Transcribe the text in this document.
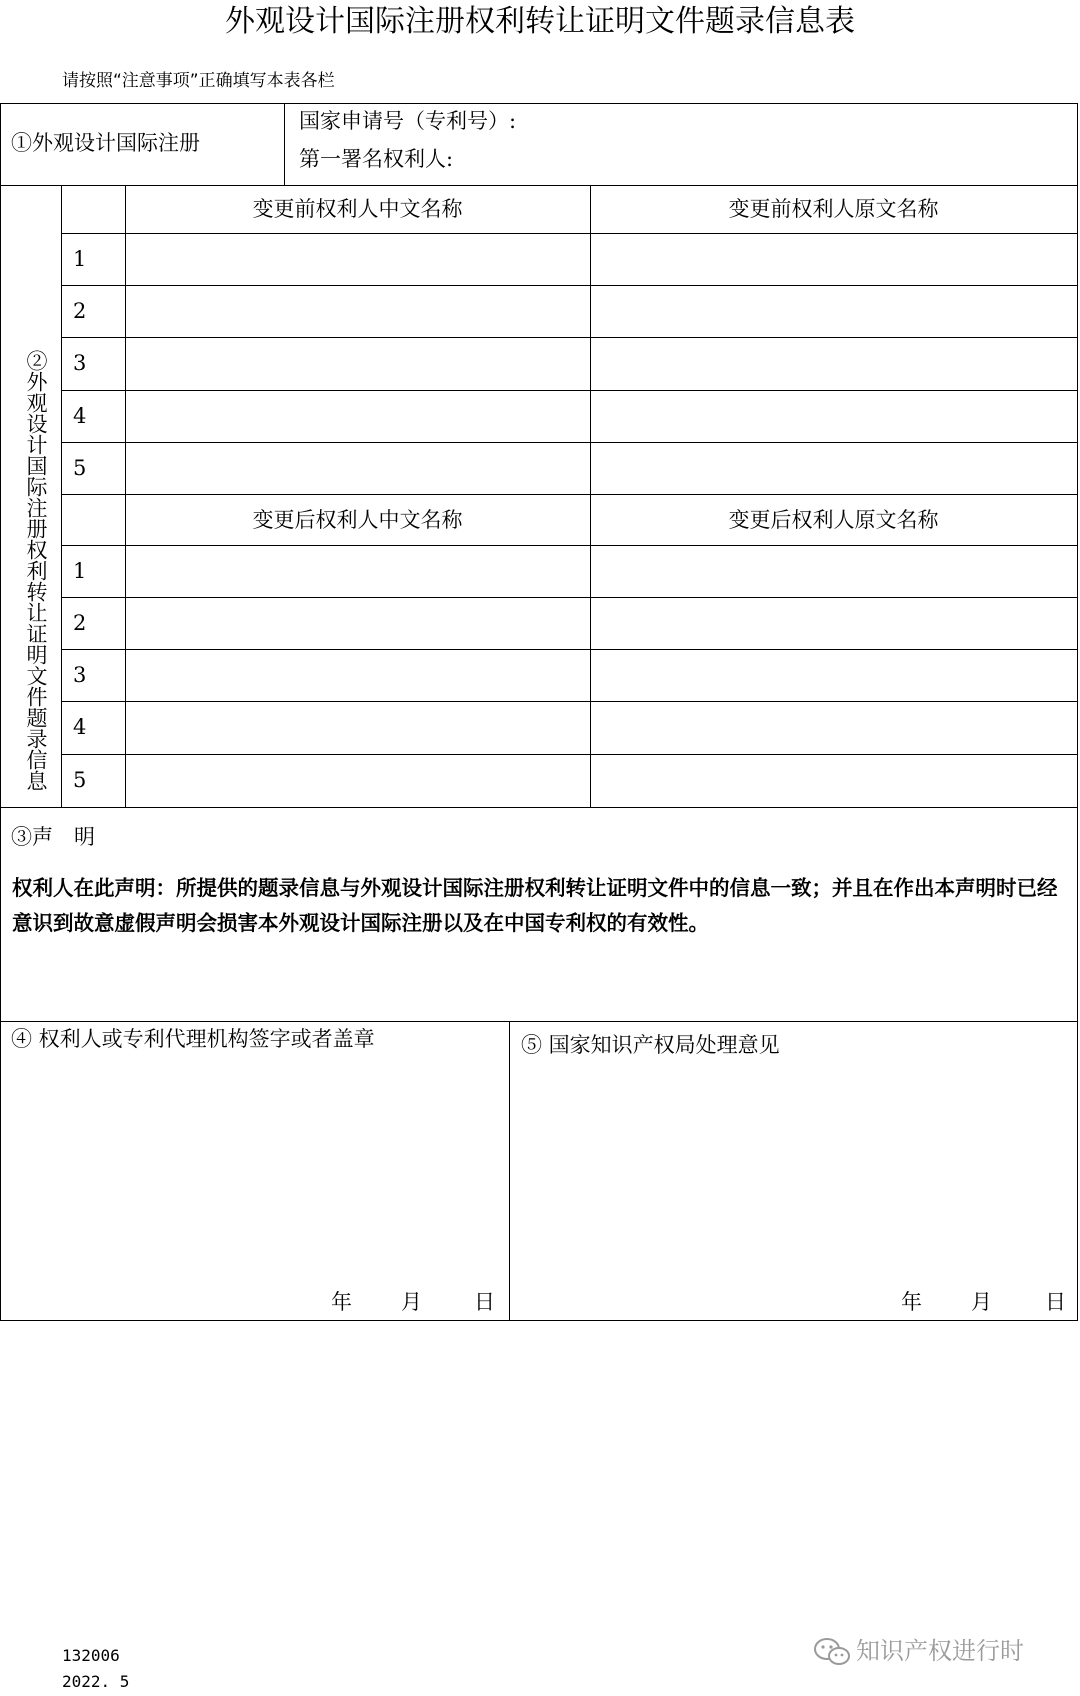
外观设计国际注册权利转让证明文件题录信息表
请按照“注意事项”正确填写本表各栏
①外观设计国际注册
国家申请号（专利号）:
第一署名权利人:
②外观设计国际注册权利转让证明文件题录信息
变更前权利人中文名称	变更前权利人原文名称
1
2
3
4
5
变更后权利人中文名称	变更后权利人原文名称
1
2
3
4
5
③声　明
④ 权利人或专利代理机构签字或者盖章	⑤ 国家知识产权局处理意见
年 月 日	年 月	日
权利人在此声明：所提供的题录信息与外观设计国际注册权利转让证明文件中的信息一致；并且在作出本声明时已经意识到故意虚假声明会损害本外观设计国际注册以及在中国专利权的有效性。
132006
2022. 5
知识产权进行时
